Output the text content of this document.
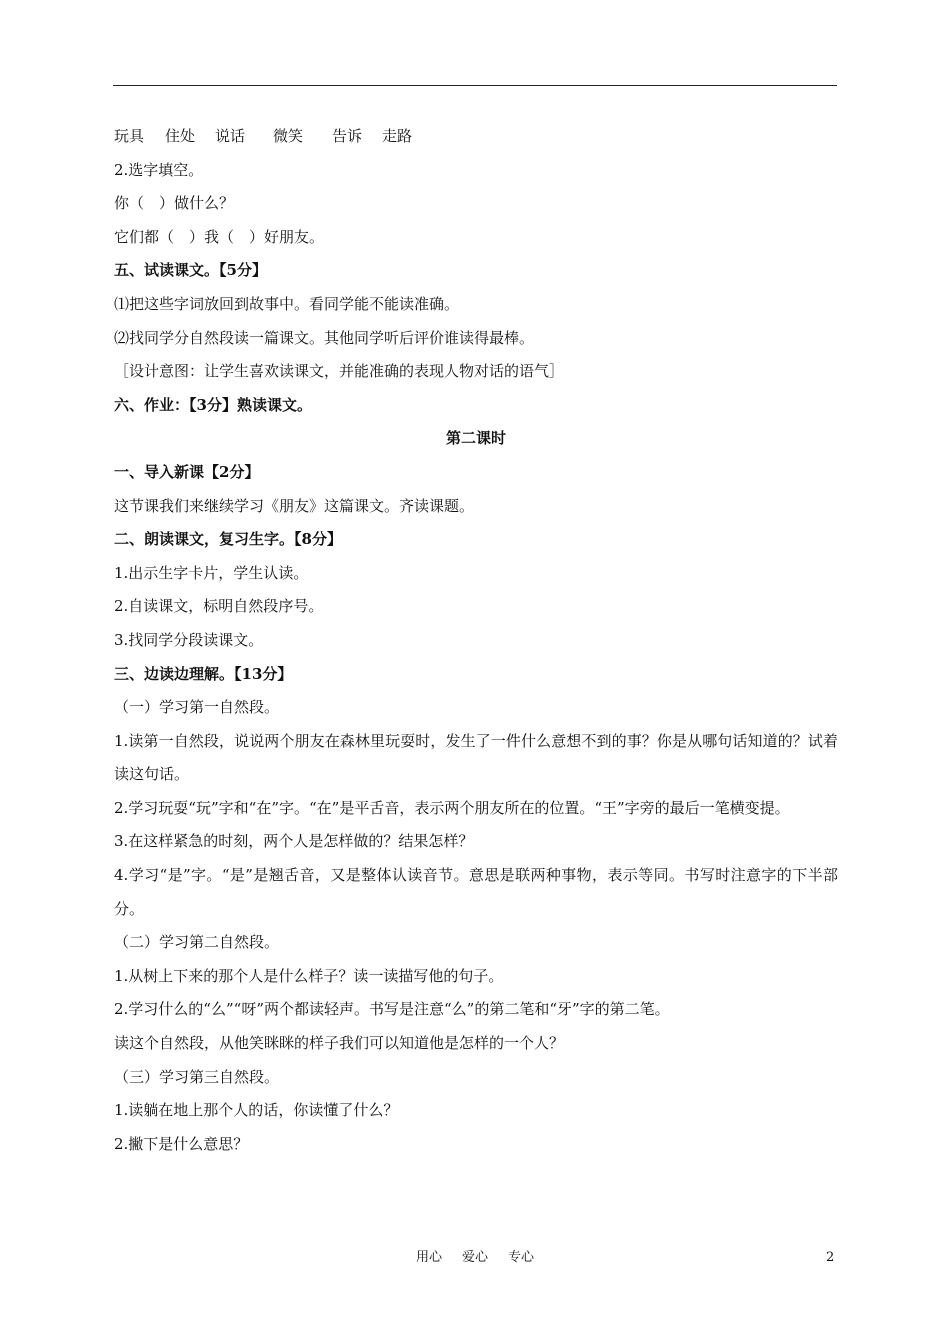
玩具 住处 说话 微笑 告诉 走路
2.选字填空。
你（　）做什么？
它们都（　）我（　）好朋友。
五、试读课文。【5分】
⑴把这些字词放回到故事中。看同学能不能读准确。
⑵找同学分自然段读一篇课文。其他同学听后评价谁读得最棒。
［设计意图：让学生喜欢读课文，并能准确的表现人物对话的语气］
六、作业：【3分】熟读课文。
第二课时
一、导入新课【2分】
这节课我们来继续学习《朋友》这篇课文。齐读课题。
二、朗读课文，复习生字。【8分】
1.出示生字卡片，学生认读。
2.自读课文，标明自然段序号。
3.找同学分段读课文。
三、边读边理解。【13分】
（一）学习第一自然段。
1.读第一自然段，说说两个朋友在森林里玩耍时，发生了一件什么意想不到的事？你是从哪句话知道的？试着读这句话。
2.学习玩耍“玩”字和“在”字。“在”是平舌音，表示两个朋友所在的位置。“王”字旁的最后一笔横变提。
3.在这样紧急的时刻，两个人是怎样做的？结果怎样？
4.学习“是”字。“是”是翘舌音，又是整体认读音节。意思是联两种事物，表示等同。书写时注意字的下半部分。
（二）学习第二自然段。
1.从树上下来的那个人是什么样子？读一读描写他的句子。
2.学习什么的“么”“呀”两个都读轻声。书写是注意“么”的第二笔和“牙”字的第二笔。
读这个自然段，从他笑眯眯的样子我们可以知道他是怎样的一个人？
（三）学习第三自然段。
1.读躺在地上那个人的话，你读懂了什么？
2.撇下是什么意思？
用心 爱心 专心	2
